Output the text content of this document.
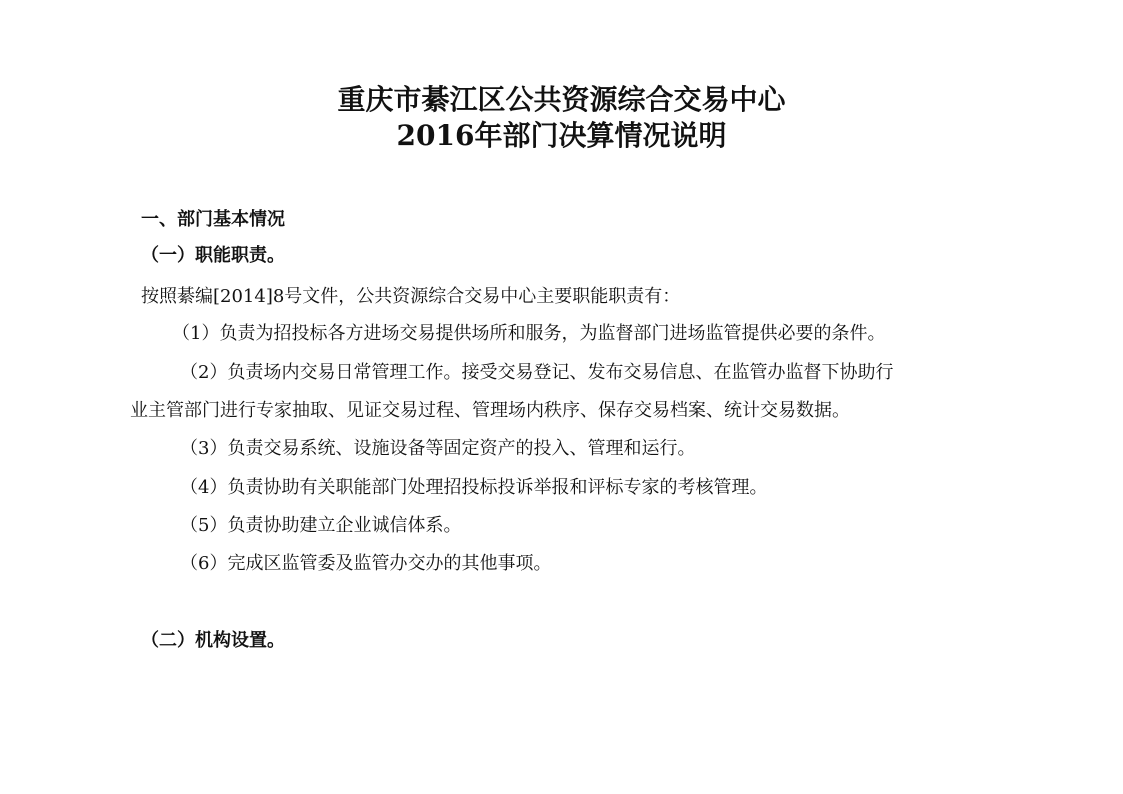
重庆市綦江区公共资源综合交易中心
2016年部门决算情况说明
一、部门基本情况
（一）职能职责。
按照綦编[2014]8号文件，公共资源综合交易中心主要职能职责有：
（1）负责为招投标各方进场交易提供场所和服务，为监督部门进场监管提供必要的条件。
（2）负责场内交易日常管理工作。接受交易登记、发布交易信息、在监管办监督下协助行
业主管部门进行专家抽取、见证交易过程、管理场内秩序、保存交易档案、统计交易数据。
（3）负责交易系统、设施设备等固定资产的投入、管理和运行。
（4）负责协助有关职能部门处理招投标投诉举报和评标专家的考核管理。
（5）负责协助建立企业诚信体系。
（6）完成区监管委及监管办交办的其他事项。
（二）机构设置。
